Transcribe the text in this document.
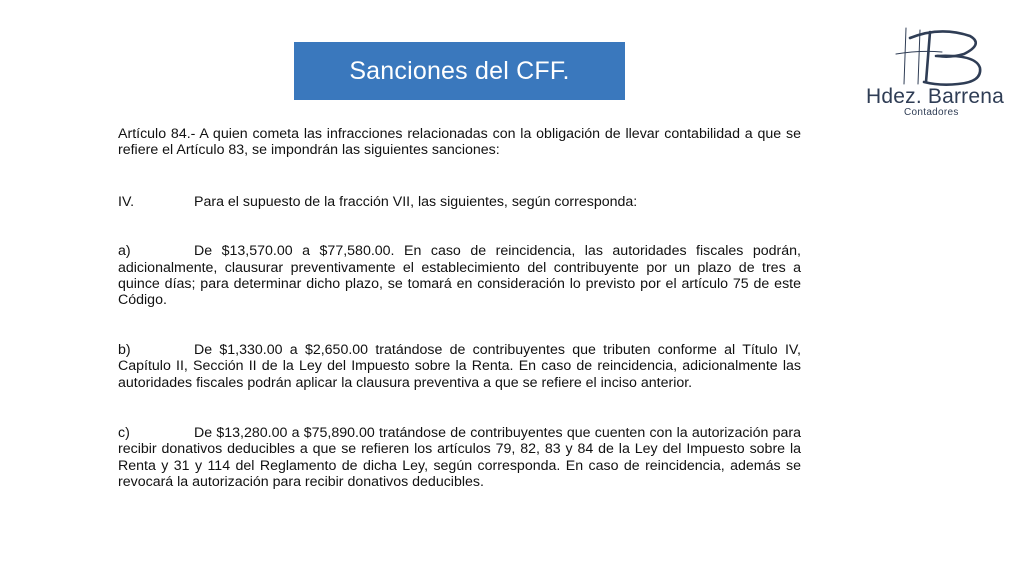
Sanciones del CFF.
Hdez. Barrena
Contadores

Artículo 84.- A quien cometa las infracciones relacionadas con la obligación de llevar contabilidad a que se refiere el Artículo 83, se impondrán las siguientes sanciones:

IV.	Para el supuesto de la fracción VII, las siguientes, según corresponda:

a)	De $13,570.00 a $77,580.00. En caso de reincidencia, las autoridades fiscales podrán, adicionalmente, clausurar preventivamente el establecimiento del contribuyente por un plazo de tres a quince días; para determinar dicho plazo, se tomará en consideración lo previsto por el artículo 75 de este Código.

b)	De $1,330.00 a $2,650.00 tratándose de contribuyentes que tributen conforme al Título IV, Capítulo II, Sección II de la Ley del Impuesto sobre la Renta. En caso de reincidencia, adicionalmente las autoridades fiscales podrán aplicar la clausura preventiva a que se refiere el inciso anterior.

c)	De $13,280.00 a $75,890.00 tratándose de contribuyentes que cuenten con la autorización para recibir donativos deducibles a que se refieren los artículos 79, 82, 83 y 84 de la Ley del Impuesto sobre la Renta y 31 y 114 del Reglamento de dicha Ley, según corresponda. En caso de reincidencia, además se revocará la autorización para recibir donativos deducibles.
